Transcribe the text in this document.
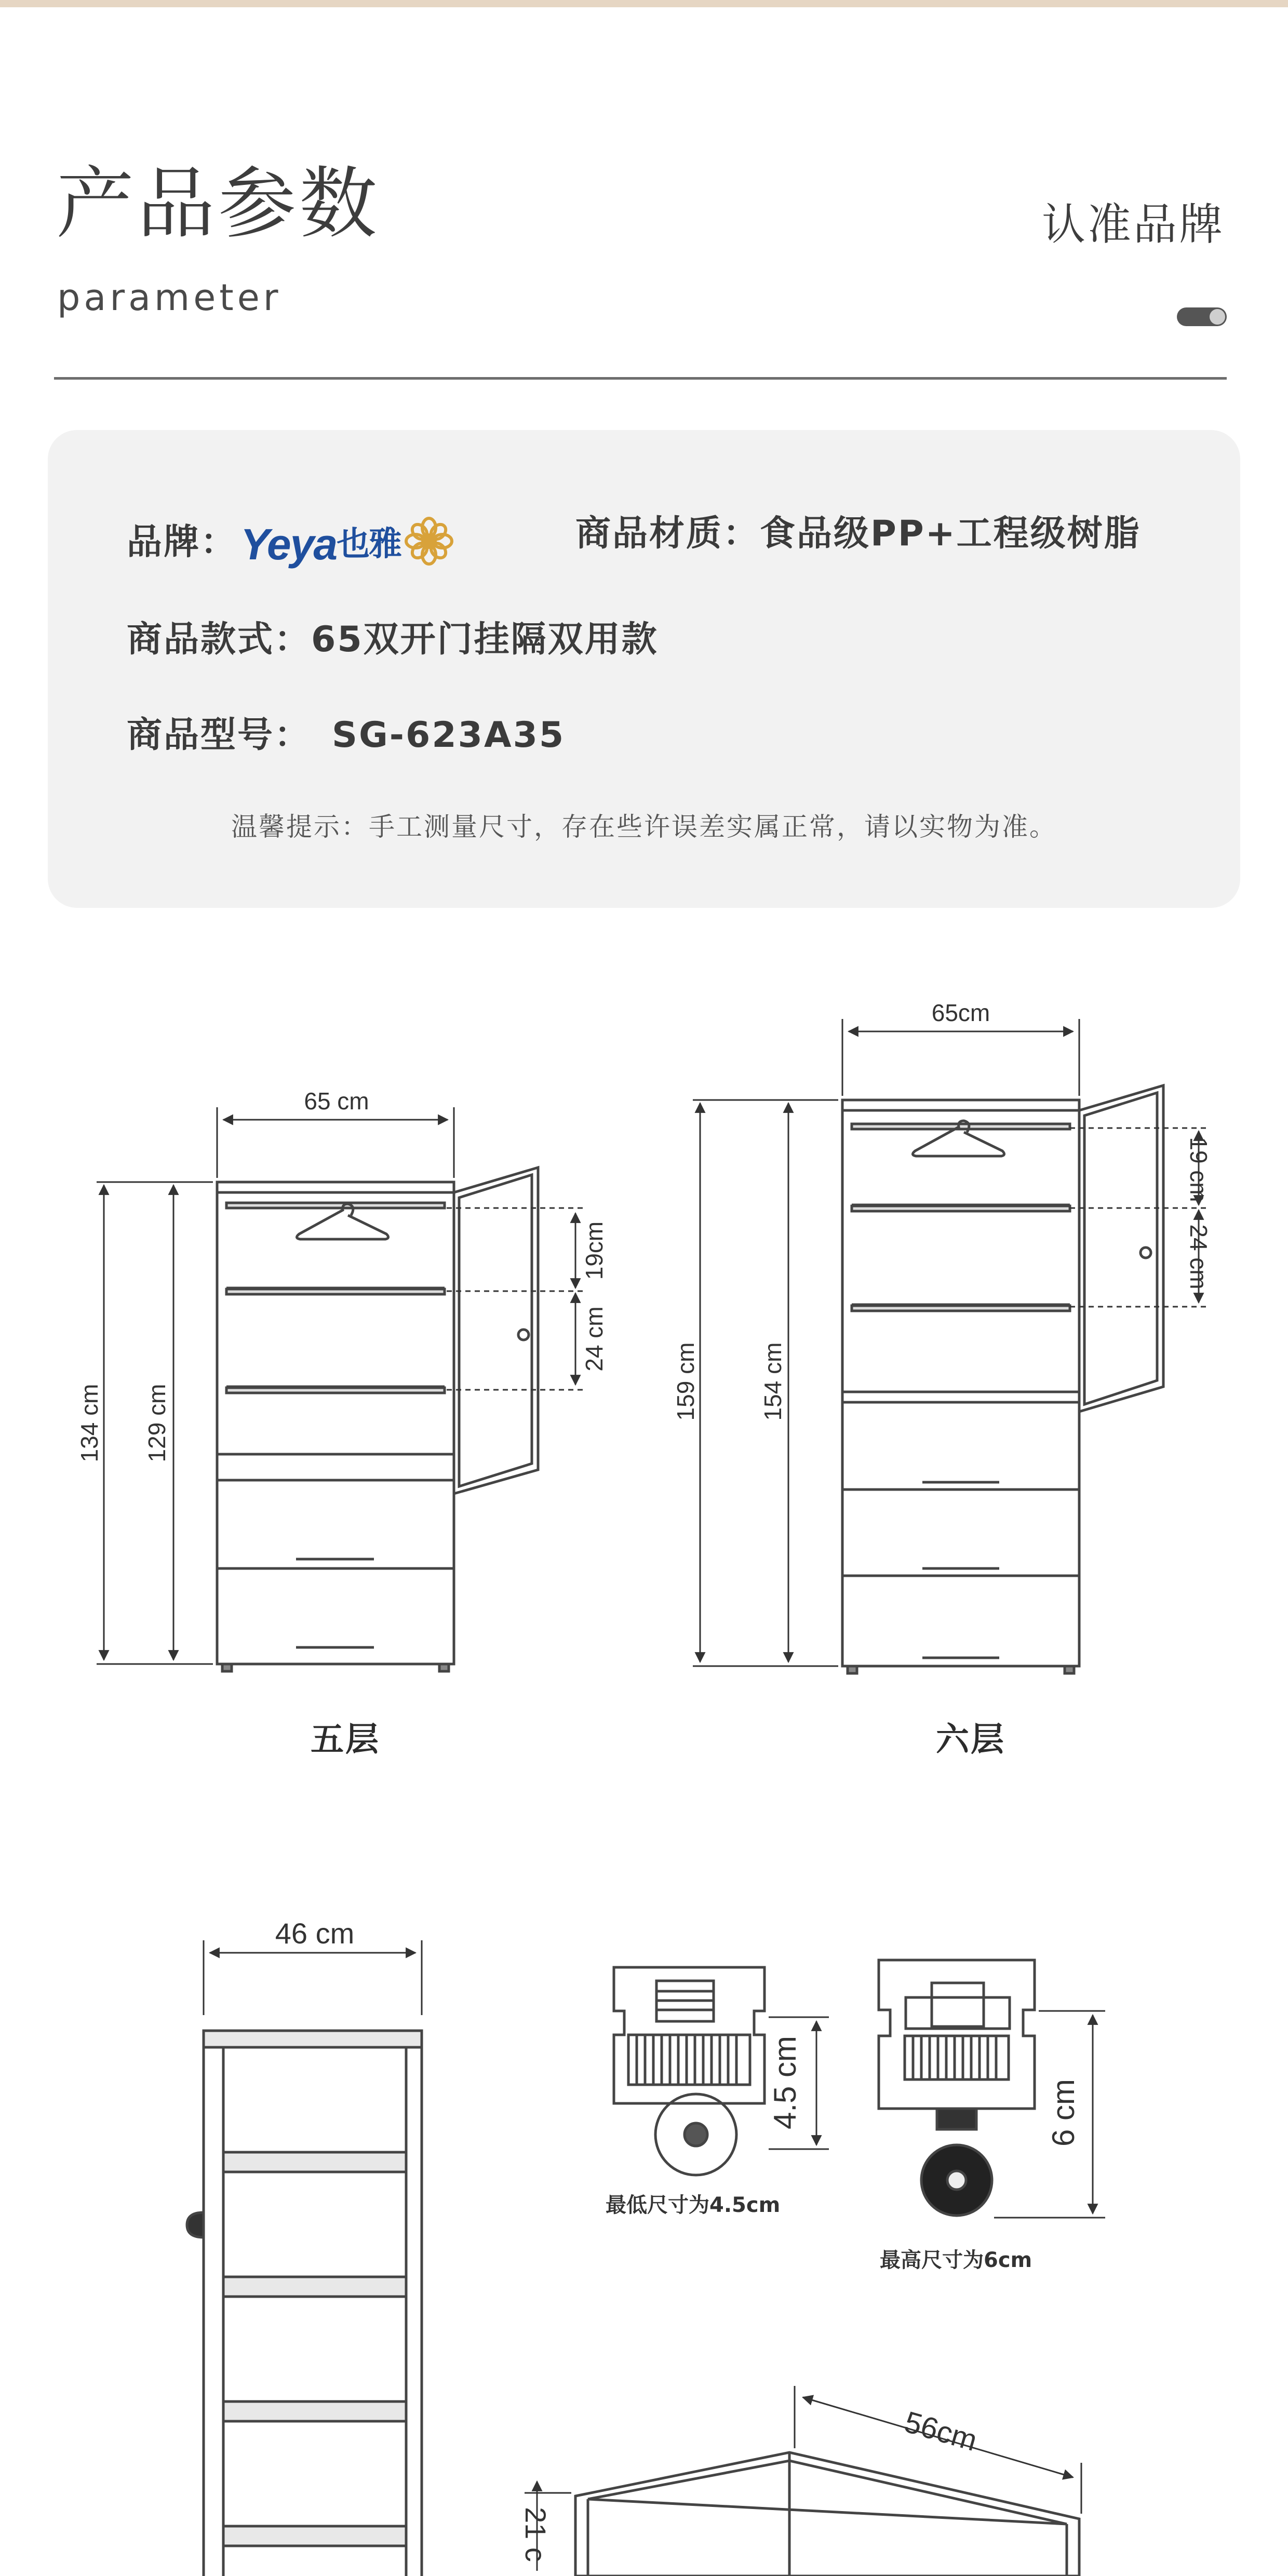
产品参数
parameter
认准品牌
品牌：Yeya也雅	商品材质：食品级PP+工程级树脂
商品款式：65双开门挂隔双用款
商品型号： SG-623A35
温馨提示：手工测量尺寸，存在些许误差实属正常，请以实物为准。
65 cm
134 cm 129 cm
19cm
24 cm
65cm
159 cm	154 cm
19 cm
24 cm
46 cm
4.5 cm	6 cm
56cm
21 c
五层	六层
最低尺寸为4.5cm
最高尺寸为6cm
